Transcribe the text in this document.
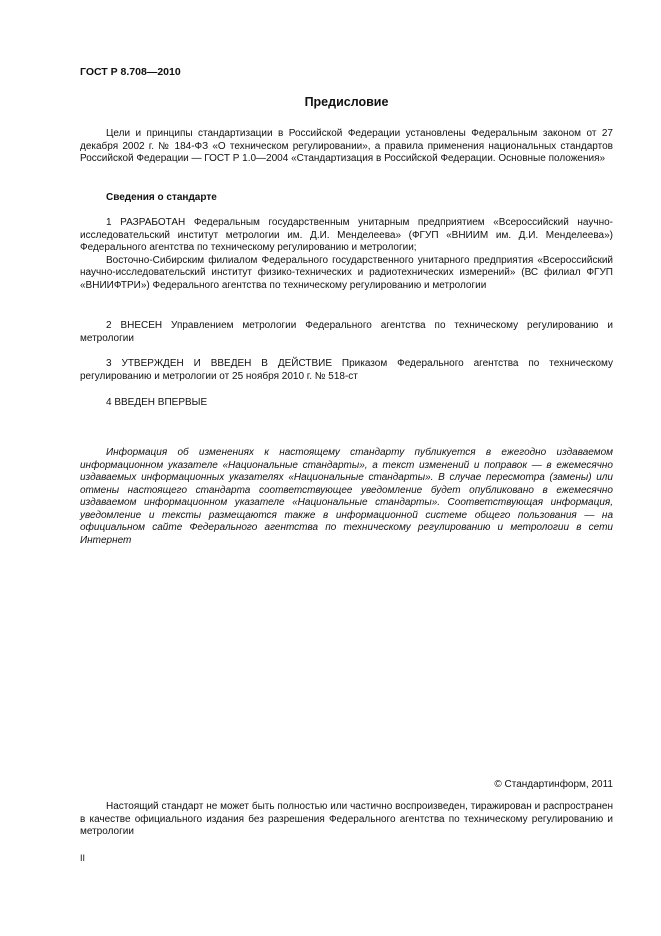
ГОСТ Р 8.708—2010
Предисловие

Цели и принципы стандартизации в Российской Федерации установлены Федеральным законом от 27 декабря 2002 г. № 184-ФЗ «О техническом регулировании», а правила применения национальных стандартов Российской Федерации — ГОСТ Р 1.0—2004 «Стандартизация в Российской Федерации. Основные положения»

Сведения о стандарте

1 РАЗРАБОТАН Федеральным государственным унитарным предприятием «Всероссийский научно-исследовательский институт метрологии им. Д.И. Менделеева» (ФГУП «ВНИИМ им. Д.И. Менделеева») Федерального агентства по техническому регулированию и метрологии;

Восточно-Сибирским филиалом Федерального государственного унитарного предприятия «Всероссийский научно-исследовательский институт физико-технических и радиотехнических измерений» (ВС филиал ФГУП «ВНИИФТРИ») Федерального агентства по техническому регулированию и метрологии

2 ВНЕСЕН Управлением метрологии Федерального агентства по техническому регулированию и метрологии

3 УТВЕРЖДЕН И ВВЕДЕН В ДЕЙСТВИЕ Приказом Федерального агентства по техническому регулированию и метрологии от 25 ноября 2010 г. № 518-ст

4 ВВЕДЕН ВПЕРВЫЕ

Информация об изменениях к настоящему стандарту публикуется в ежегодно издаваемом информационном указателе «Национальные стандарты», а текст изменений и поправок — в ежемесячно издаваемых информационных указателях «Национальные стандарты». В случае пересмотра (замены) или отмены настоящего стандарта соответствующее уведомление будет опубликовано в ежемесячно издаваемом информационном указателе «Национальные стандарты». Соответствующая информация, уведомление и тексты размещаются также в информационной системе общего пользования — на официальном сайте Федерального агентства по техническому регулированию и метрологии в сети Интернет

© Стандартинформ, 2011

Настоящий стандарт не может быть полностью или частично воспроизведен, тиражирован и распространен в качестве официального издания без разрешения Федерального агентства по техническому регулированию и метрологии

II
